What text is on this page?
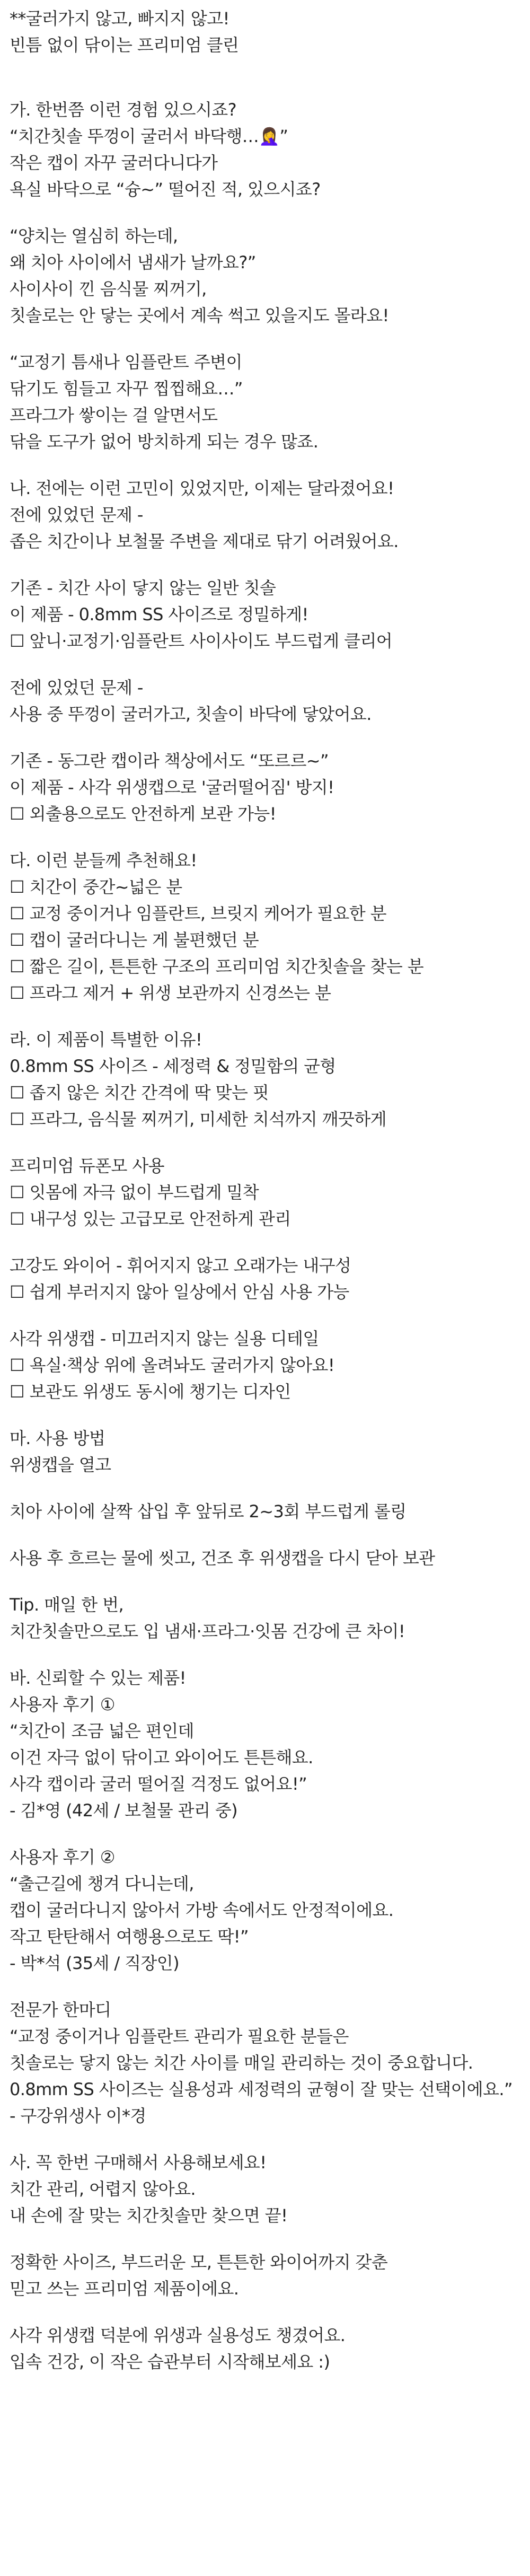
**굴러가지 않고, 빠지지 않고!
빈틈 없이 닦이는 프리미엄 클린
가. 한번쯤 이런 경험 있으시죠?
“치간칫솔 뚜껑이 굴러서 바닥행…🤦‍♀️”
작은 캡이 자꾸 굴러다니다가
욕실 바닥으로 “슝~” 떨어진 적, 있으시죠?
“양치는 열심히 하는데,
왜 치아 사이에서 냄새가 날까요?”
사이사이 낀 음식물 찌꺼기,
칫솔로는 안 닿는 곳에서 계속 썩고 있을지도 몰라요!
“교정기 틈새나 임플란트 주변이
닦기도 힘들고 자꾸 찝찝해요…”
프라그가 쌓이는 걸 알면서도
닦을 도구가 없어 방치하게 되는 경우 많죠.
나. 전에는 이런 고민이 있었지만, 이제는 달라졌어요!
전에 있었던 문제 -
좁은 치간이나 보철물 주변을 제대로 닦기 어려웠어요.
기존 - 치간 사이 닿지 않는 일반 칫솔
이 제품 - 0.8mm SS 사이즈로 정밀하게!
☐ 앞니·교정기·임플란트 사이사이도 부드럽게 클리어
전에 있었던 문제 -
사용 중 뚜껑이 굴러가고, 칫솔이 바닥에 닿았어요.
기존 - 동그란 캡이라 책상에서도 “또르르~”
이 제품 - 사각 위생캡으로 '굴러떨어짐' 방지!
☐ 외출용으로도 안전하게 보관 가능!
다. 이런 분들께 추천해요!
☐ 치간이 중간~넓은 분
☐ 교정 중이거나 임플란트, 브릿지 케어가 필요한 분
☐ 캡이 굴러다니는 게 불편했던 분
☐ 짧은 길이, 튼튼한 구조의 프리미엄 치간칫솔을 찾는 분
☐ 프라그 제거 + 위생 보관까지 신경쓰는 분
라. 이 제품이 특별한 이유!
0.8mm SS 사이즈 - 세정력 & 정밀함의 균형
☐ 좁지 않은 치간 간격에 딱 맞는 핏
☐ 프라그, 음식물 찌꺼기, 미세한 치석까지 깨끗하게
프리미엄 듀폰모 사용
☐ 잇몸에 자극 없이 부드럽게 밀착
☐ 내구성 있는 고급모로 안전하게 관리
고강도 와이어 - 휘어지지 않고 오래가는 내구성
☐ 쉽게 부러지지 않아 일상에서 안심 사용 가능
사각 위생캡 - 미끄러지지 않는 실용 디테일
☐ 욕실·책상 위에 올려놔도 굴러가지 않아요!
☐ 보관도 위생도 동시에 챙기는 디자인
마. 사용 방법
위생캡을 열고
치아 사이에 살짝 삽입 후 앞뒤로 2~3회 부드럽게 롤링
사용 후 흐르는 물에 씻고, 건조 후 위생캡을 다시 닫아 보관
Tip. 매일 한 번,
치간칫솔만으로도 입 냄새·프라그·잇몸 건강에 큰 차이!
바. 신뢰할 수 있는 제품!
사용자 후기 ①
“치간이 조금 넓은 편인데
이건 자극 없이 닦이고 와이어도 튼튼해요.
사각 캡이라 굴러 떨어질 걱정도 없어요!”
- 김*영 (42세 / 보철물 관리 중)
사용자 후기 ②
“출근길에 챙겨 다니는데,
캡이 굴러다니지 않아서 가방 속에서도 안정적이에요.
작고 탄탄해서 여행용으로도 딱!”
- 박*석 (35세 / 직장인)
전문가 한마디
“교정 중이거나 임플란트 관리가 필요한 분들은
칫솔로는 닿지 않는 치간 사이를 매일 관리하는 것이 중요합니다.
0.8mm SS 사이즈는 실용성과 세정력의 균형이 잘 맞는 선택이에요.”
- 구강위생사 이*경
사. 꼭 한번 구매해서 사용해보세요!
치간 관리, 어렵지 않아요.
내 손에 잘 맞는 치간칫솔만 찾으면 끝!
정확한 사이즈, 부드러운 모, 튼튼한 와이어까지 갖춘
믿고 쓰는 프리미엄 제품이에요.
사각 위생캡 덕분에 위생과 실용성도 챙겼어요.
입속 건강, 이 작은 습관부터 시작해보세요 :)
